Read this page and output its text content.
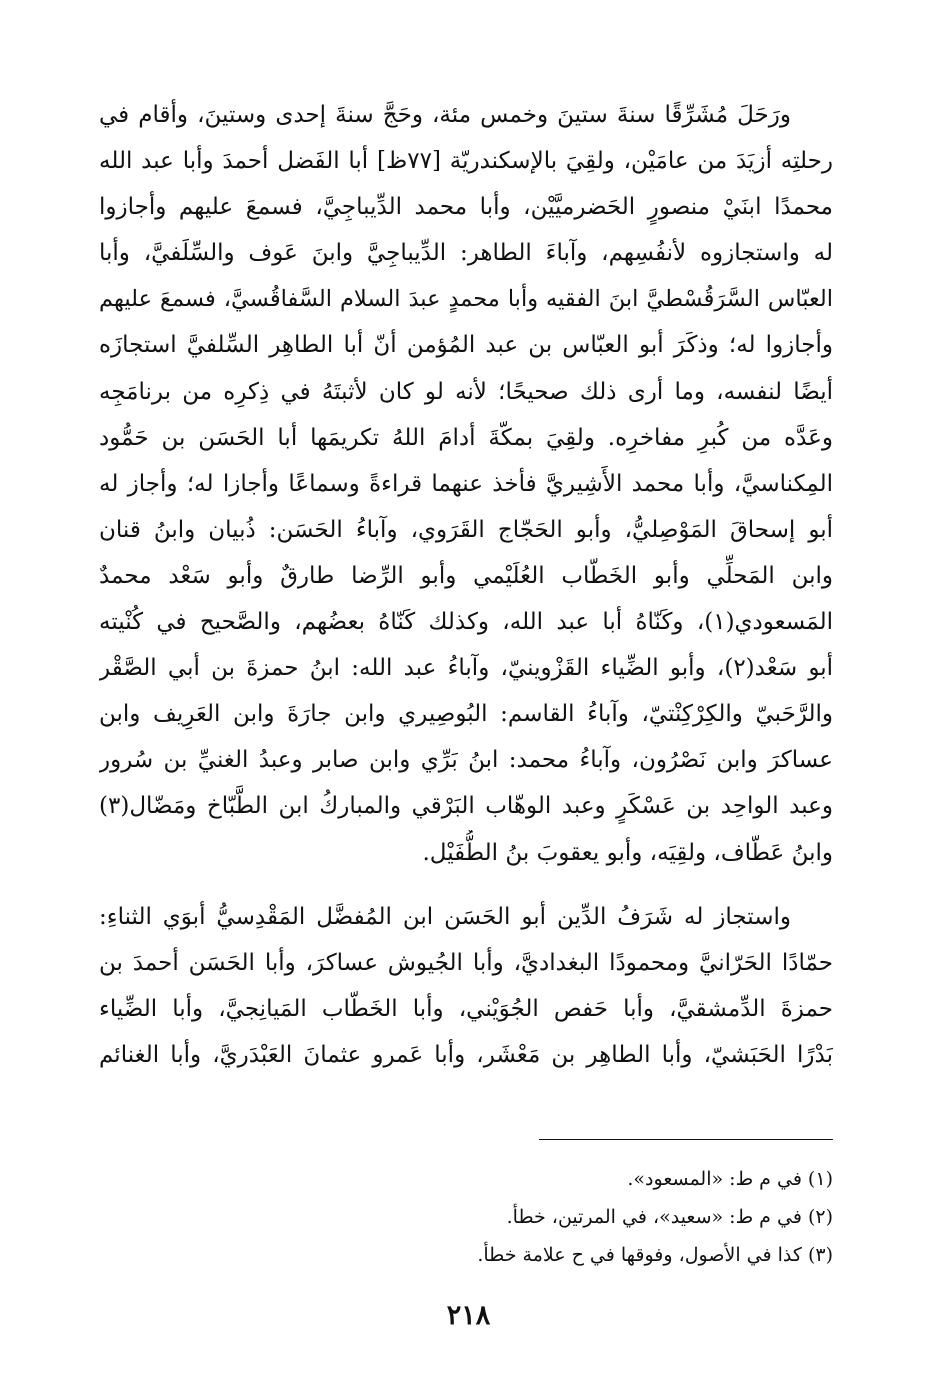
ورَحَلَ مُشَرِّقًا سنةَ ستينَ وخمس مئة، وحَجَّ سنةَ إحدى وستينَ، وأقام في
رحلتِه أزيَدَ من عامَيْن، ولقِيَ بالإسكندريّة [٧٧ظ] أبا الفَضل أحمدَ وأبا عبد الله
محمدًا ابنَيْ منصورٍ الحَضرميَّيْن، وأبا محمد الدِّيباجِيَّ، فسمعَ عليهم وأجازوا
له واستجازوه لأنفُسِهم، وآباءَ الطاهر: الدِّيباجِيَّ وابنَ عَوف والسِّلَفيَّ، وأبا
العبّاس السَّرَقُسْطيَّ ابنَ الفقيه وأبا محمدٍ عبدَ السلام السَّفاقُسيَّ، فسمعَ عليهم
وأجازوا له؛ وذكَرَ أبو العبّاس بن عبد المُؤمن أنّ أبا الطاهِر السِّلفيَّ استجازَه
أيضًا لنفسه، وما أرى ذلك صحيحًا؛ لأنه لو كان لأثبتَهُ في ذِكرِه من برنامَجِه
وعَدَّه من كُبرِ مفاخرِه. ولقِيَ بمكّةَ أدامَ اللهُ تكريمَها أبا الحَسَن بن حَمُّود
المِكناسيَّ، وأبا محمد الأَشِيريَّ فأخذ عنهما قراءةً وسماعًا وأجازا له؛ وأجاز له
أبو إسحاقَ المَوْصِليُّ، وأبو الحَجّاج القَرَوي، وآباءُ الحَسَن: ذُبيان وابنُ قنان
وابن المَحلِّي وأبو الخَطّاب العُلَيْمي وأبو الرِّضا طارقٌ وأبو سَعْد محمدٌ
المَسعودي(١)، وكَنّاهُ أبا عبد الله، وكذلك كَنّاهُ بعضُهم، والصَّحيح في كُنْيته
أبو سَعْد(٢)، وأبو الضِّياء القَزْوينيّ، وآباءُ عبد الله: ابنُ حمزةَ بن أبي الصَّقْر
والرَّحَبيّ والكِرْكِنْتيّ، وآباءُ القاسم: البُوصِيري وابن جارَةَ وابن العَرِيف وابن
عساكرَ وابن نَصْرُون، وآباءُ محمد: ابنُ بَرِّي وابن صابر وعبدُ الغنيِّ بن سُرور
وعبد الواحِد بن عَسْكَرٍ وعبد الوهّاب البَرْقي والمباركُ ابن الطَّبّاخ ومَضّال(٣)
وابنُ عَطّاف، ولقِيَه، وأبو يعقوبَ بنُ الطُّفَيْل.
واستجاز له شَرَفُ الدِّين أبو الحَسَن ابن المُفضَّل المَقْدِسيُّ أبوَي الثناءِ:
حمّادًا الحَرّانيَّ ومحمودًا البغداديَّ، وأبا الجُيوش عساكرَ، وأبا الحَسَن أحمدَ بن
حمزةَ الدِّمشقيَّ، وأبا حَفص الجُوَيْني، وأبا الخَطّاب المَيانِجيَّ، وأبا الضِّياء
بَدْرًا الحَبَشيّ، وأبا الطاهِر بن مَعْشَر، وأبا عَمرو عثمانَ العَبْدَريَّ، وأبا الغنائم
(١) في م ط: «المسعود».
(٢) في م ط: «سعيد»، في المرتين، خطأ.
(٣) كذا في الأصول، وفوقها في ح علامة خطأ.
٢١٨
